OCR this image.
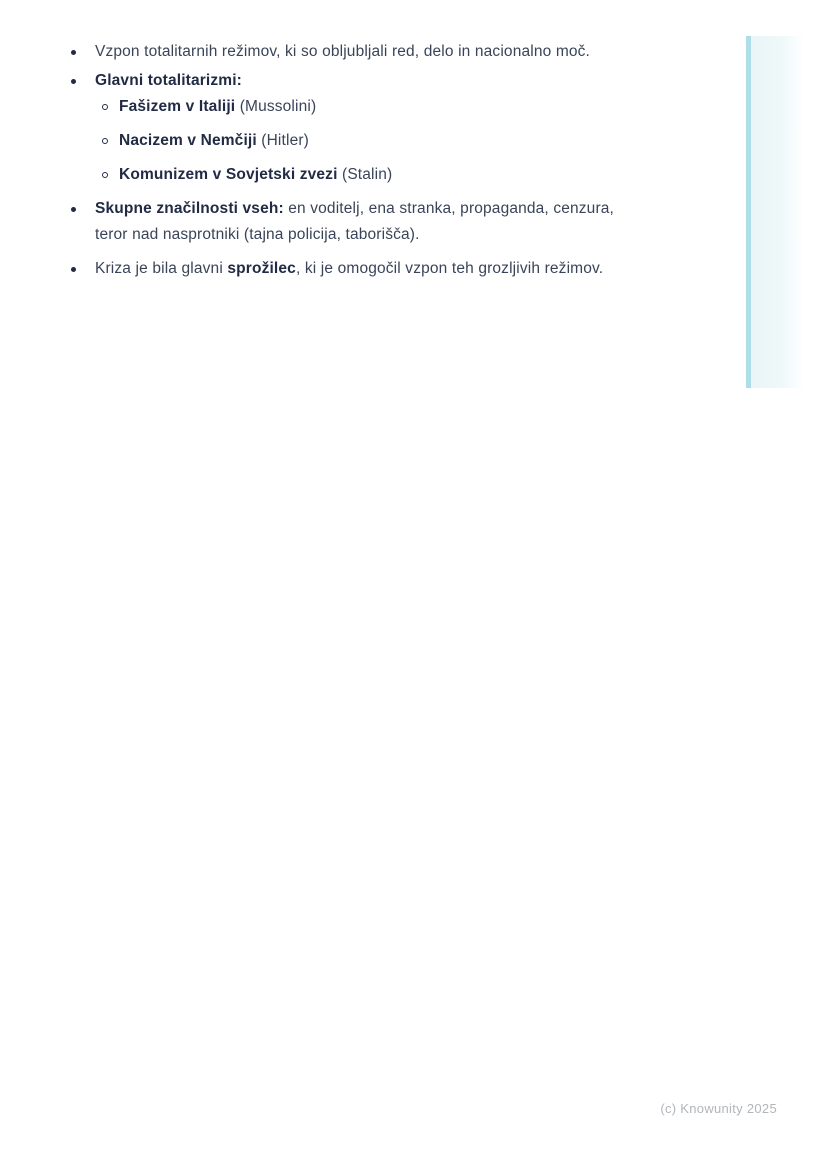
Vzpon totalitarnih režimov, ki so obljubljali red, delo in nacionalno moč.
Glavni totalitarizmi:
Fašizem v Italiji (Mussolini)
Nacizem v Nemčiji (Hitler)
Komunizem v Sovjetski zvezi (Stalin)
Skupne značilnosti vseh: en voditelj, ena stranka, propaganda, cenzura, teror nad nasprotniki (tajna policija, taborišča).
Kriza je bila glavni sprožilec, ki je omogočil vzpon teh grozljivih režimov.
(c) Knowunity 2025
